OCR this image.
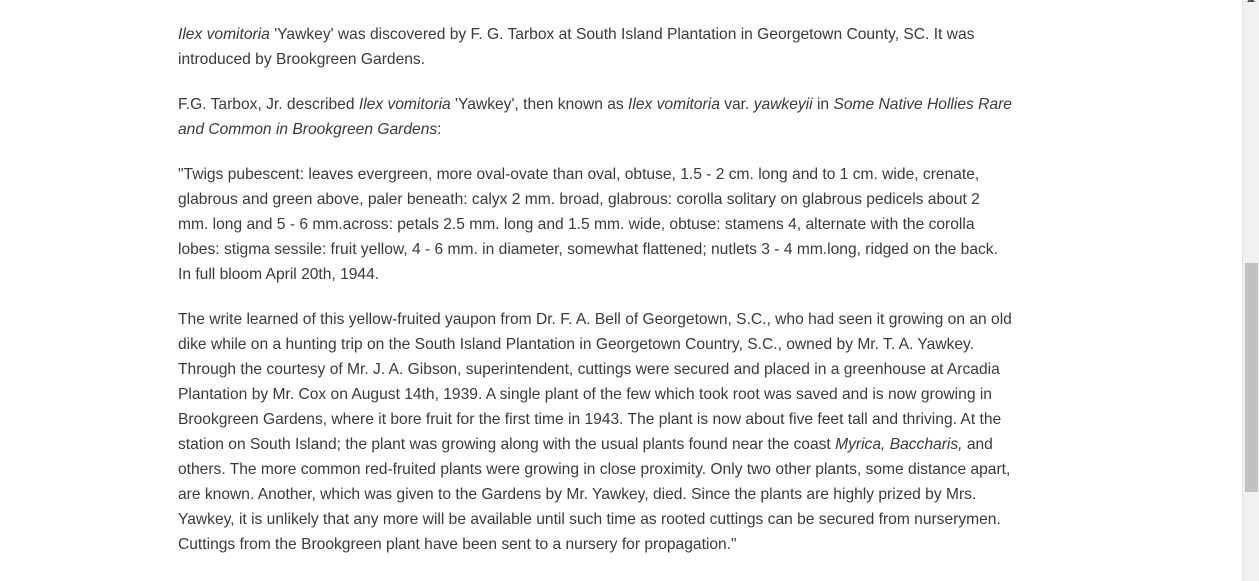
Ilex vomitoria 'Yawkey' was discovered by F. G. Tarbox at South Island Plantation in Georgetown County, SC. It was introduced by Brookgreen Gardens.

F.G. Tarbox, Jr. described Ilex vomitoria 'Yawkey', then known as Ilex vomitoria var. yawkeyii in Some Native Hollies Rare and Common in Brookgreen Gardens:

"Twigs pubescent: leaves evergreen, more oval-ovate than oval, obtuse, 1.5 - 2 cm. long and to 1 cm. wide, crenate, glabrous and green above, paler beneath: calyx 2 mm. broad, glabrous: corolla solitary on glabrous pedicels about 2 mm. long and 5 - 6 mm.across: petals 2.5 mm. long and 1.5 mm. wide, obtuse: stamens 4, alternate with the corolla lobes: stigma sessile: fruit yellow, 4 - 6 mm. in diameter, somewhat flattened; nutlets 3 - 4 mm.long, ridged on the back. In full bloom April 20th, 1944.

The write learned of this yellow-fruited yaupon from Dr. F. A. Bell of Georgetown, S.C., who had seen it growing on an old dike while on a hunting trip on the South Island Plantation in Georgetown Country, S.C., owned by Mr. T. A. Yawkey. Through the courtesy of Mr. J. A. Gibson, superintendent, cuttings were secured and placed in a greenhouse at Arcadia Plantation by Mr. Cox on August 14th, 1939. A single plant of the few which took root was saved and is now growing in Brookgreen Gardens, where it bore fruit for the first time in 1943. The plant is now about five feet tall and thriving. At the station on South Island; the plant was growing along with the usual plants found near the coast Myrica, Baccharis, and others. The more common red-fruited plants were growing in close proximity. Only two other plants, some distance apart, are known. Another, which was given to the Gardens by Mr. Yawkey, died. Since the plants are highly prized by Mrs. Yawkey, it is unlikely that any more will be available until such time as rooted cuttings can be secured from nurserymen. Cuttings from the Brookgreen plant have been sent to a nursery for propagation."
